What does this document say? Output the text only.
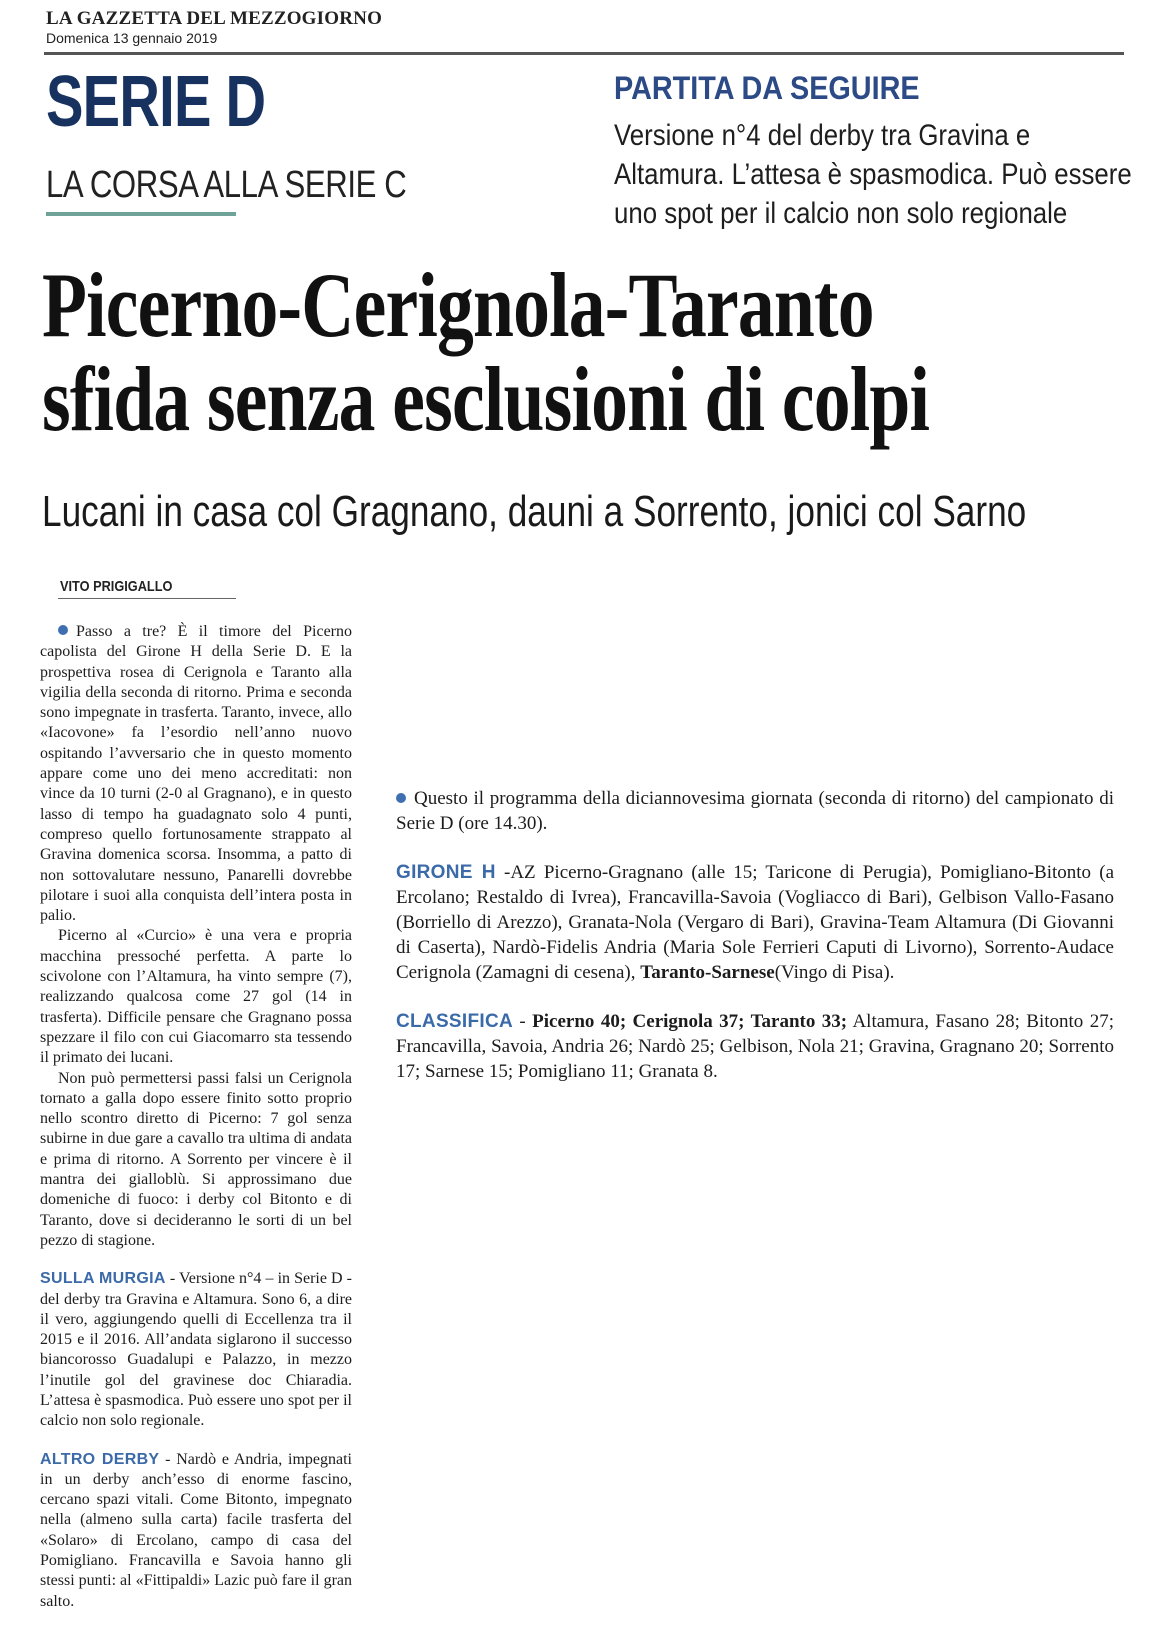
LA GAZZETTA DEL MEZZOGIORNO
Domenica 13 gennaio 2019
SERIE D
LA CORSA ALLA SERIE C
PARTITA DA SEGUIRE
Versione n°4 del derby tra Gravina e
Altamura. L’attesa è spasmodica. Può essere
uno spot per il calcio non solo regionale
Picerno-Cerignola-Taranto
sfida senza esclusioni di colpi
Lucani in casa col Gragnano, dauni a Sorrento, jonici col Sarno
VITO PRIGIGALLO

Passo a tre? È il timore del Picerno capolista del Girone H della Serie D. E la prospettiva rosea di Cerignola e Taranto alla vigilia della seconda di ritorno. Prima e seconda sono impegnate in trasferta. Taranto, invece, allo «Iacovone» fa l’esordio nell’anno nuovo ospitando l’avversario che in questo momento appare come uno dei meno accreditati: non vince da 10 turni (2-0 al Gragnano), e in questo lasso di tempo ha guadagnato solo 4 punti, compreso quello fortunosamente strappato al Gravina domenica scorsa. Insomma, a patto di non sottovalutare nessuno, Panarelli dovrebbe pilotare i suoi alla conquista dell’intera posta in palio.

Picerno al «Curcio» è una vera e propria macchina pressoché perfetta. A parte lo scivolone con l’Altamura, ha vinto sempre (7), realizzando qualcosa come 27 gol (14 in trasferta). Difficile pensare che Gragnano possa spezzare il filo con cui Giacomarro sta tessendo il primato dei lucani.

Non può permettersi passi falsi un Cerignola tornato a galla dopo essere finito sotto proprio nello scontro diretto di Picerno: 7 gol senza subirne in due gare a cavallo tra ultima di andata e prima di ritorno. A Sorrento per vincere è il mantra dei gialloblù. Si approssimano due domeniche di fuoco: i derby col Bitonto e di Taranto, dove si decideranno le sorti di un bel pezzo di stagione.

SULLA MURGIA - Versione n°4 – in Serie D - del derby tra Gravina e Altamura. Sono 6, a dire il vero, aggiungendo quelli di Eccellenza tra il 2015 e il 2016. All’andata siglarono il successo biancorosso Guadalupi e Palazzo, in mezzo l’inutile gol del gravinese doc Chiaradia. L’attesa è spasmodica. Può essere uno spot per il calcio non solo regionale.

ALTRO DERBY - Nardò e Andria, impegnati in un derby anch’esso di enorme fascino, cercano spazi vitali. Come Bitonto, impegnato nella (almeno sulla carta) facile trasferta del «Solaro» di Ercolano, campo di casa del Pomigliano. Francavilla e Savoia hanno gli stessi punti: al «Fittipaldi» Lazic può fare il gran salto.

Questo il programma della diciannovesima giornata (seconda di ritorno) del campionato di Serie D (ore 14.30).

GIRONE H -AZ Picerno-Gragnano (alle 15; Taricone di Perugia), Pomigliano-Bitonto (a Ercolano; Restaldo di Ivrea), Francavilla-Savoia (Vogliacco di Bari), Gelbison Vallo-Fasano (Borriello di Arezzo), Granata-Nola (Vergaro di Bari), Gravina-Team Altamura (Di Giovanni di Caserta), Nardò-Fidelis Andria (Maria Sole Ferrieri Caputi di Livorno), Sorrento-Audace Cerignola (Zamagni di cesena), Taranto-Sarnese(Vingo di Pisa).

CLASSIFICA - Picerno 40; Cerignola 37; Taranto 33; Altamura, Fasano 28; Bitonto 27; Francavilla, Savoia, Andria 26; Nardò 25; Gelbison, Nola 21; Gravina, Gragnano 20; Sorrento 17; Sarnese 15; Pomigliano 11; Granata 8.
